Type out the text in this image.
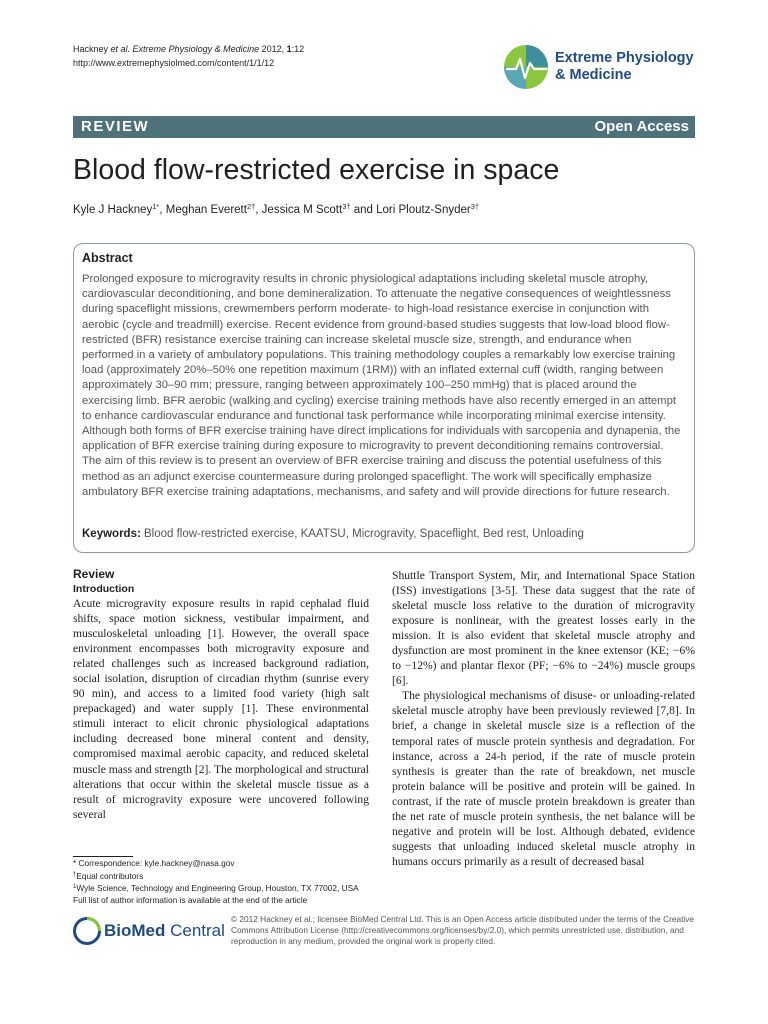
Hackney et al. Extreme Physiology & Medicine 2012, 1:12
http://www.extremephysiolmed.com/content/1/1/12	Extreme Physiology
& Medicine
REVIEW	Open Access
Blood flow-restricted exercise in space
Kyle J Hackney$^{1*}$, Meghan Everett$^{2\dagger}$, Jessica M Scott$^{3\dagger}$ and Lori Ploutz-Snyder$^{3\dagger}$
Abstract
Prolonged exposure to microgravity results in chronic physiological adaptations including skeletal muscle atrophy, cardiovascular deconditioning, and bone demineralization. To attenuate the negative consequences of weightlessness during spaceflight missions, crewmembers perform moderate- to high-load resistance exercise in conjunction with aerobic (cycle and treadmill) exercise. Recent evidence from ground-based studies suggests that low-load blood flow-restricted (BFR) resistance exercise training can increase skeletal muscle size, strength, and endurance when performed in a variety of ambulatory populations. This training methodology couples a remarkably low exercise training load (approximately 20%–50% one repetition maximum (1RM)) with an inflated external cuff (width, ranging between approximately 30–90 mm; pressure, ranging between approximately 100–250 mmHg) that is placed around the exercising limb. BFR aerobic (walking and cycling) exercise training methods have also recently emerged in an attempt to enhance cardiovascular endurance and functional task performance while incorporating minimal exercise intensity. Although both forms of BFR exercise training have direct implications for individuals with sarcopenia and dynapenia, the application of BFR exercise training during exposure to microgravity to prevent deconditioning remains controversial. The aim of this review is to present an overview of BFR exercise training and discuss the potential usefulness of this method as an adjunct exercise countermeasure during prolonged spaceflight. The work will specifically emphasize ambulatory BFR exercise training adaptations, mechanisms, and safety and will provide directions for future research.
Keywords: Blood flow-restricted exercise, KAATSU, Microgravity, Spaceflight, Bed rest, Unloading
Review
Introduction

Acute microgravity exposure results in rapid cephalad fluid shifts, space motion sickness, vestibular impairment, and musculoskeletal unloading [1]. However, the overall space environment encompasses both microgravity exposure and related challenges such as increased background radiation, social isolation, disruption of circadian rhythm (sunrise every 90 min), and access to a limited food variety (high salt prepackaged) and water supply [1]. These environmental stimuli interact to elicit chronic physiological adaptations including decreased bone mineral content and density, compromised maximal aerobic capacity, and reduced skeletal muscle mass and strength [2]. The morphological and structural alterations that occur within the skeletal muscle tissue as a result of microgravity exposure were uncovered following several

Shuttle Transport System, Mir, and International Space Station (ISS) investigations [3-5]. These data suggest that the rate of skeletal muscle loss relative to the duration of microgravity exposure is nonlinear, with the greatest losses early in the mission. It is also evident that skeletal muscle atrophy and dysfunction are most prominent in the knee extensor (KE; −6% to −12%) and plantar flexor (PF; −6% to −24%) muscle groups [6].

The physiological mechanisms of disuse- or unloading-related skeletal muscle atrophy have been previously reviewed [7,8]. In brief, a change in skeletal muscle size is a reflection of the temporal rates of muscle protein synthesis and degradation. For instance, across a 24-h period, if the rate of muscle protein synthesis is greater than the rate of breakdown, net muscle protein balance will be positive and protein will be gained. In contrast, if the rate of muscle protein breakdown is greater than the net rate of muscle protein synthesis, the net balance will be negative and protein will be lost. Although debated, evidence suggests that unloading induced skeletal muscle atrophy in humans occurs primarily as a result of decreased basal

* Correspondence: kyle.hackney@nasa.gov
†Equal contributors
$^1$Wyle Science, Technology and Engineering Group, Houston, TX 77002, USA
Full list of author information is available at the end of the article
BioMed Central
© 2012 Hackney et al.; licensee BioMed Central Ltd. This is an Open Access article distributed under the terms of the Creative Commons Attribution License (http://creativecommons.org/licenses/by/2.0), which permits unrestricted use, distribution, and reproduction in any medium, provided the original work is properly cited.
